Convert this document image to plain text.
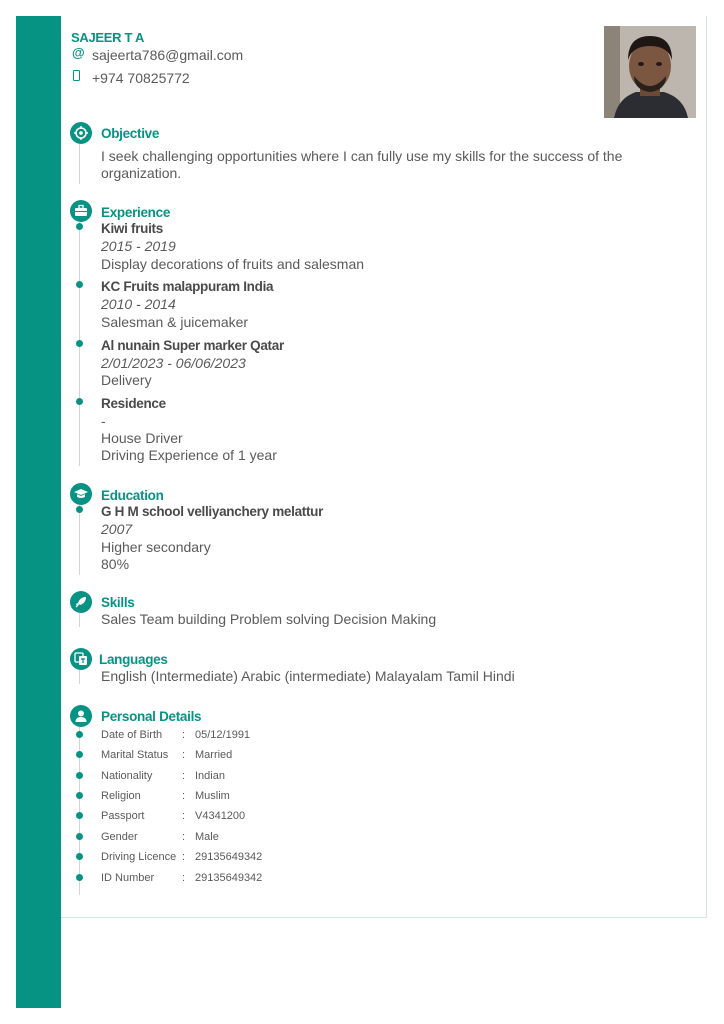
SAJEER T A
@ sajeerta786@gmail.com
+974 70825772
Objective
I seek challenging opportunities where I can fully use my skills for the success of the
organization.
Experience
Kiwi fruits
2015 - 2019
Display decorations of fruits and salesman
KC Fruits malappuram India
2010 - 2014
Salesman & juicemaker
Al nunain Super marker Qatar
2/01/2023 - 06/06/2023
Delivery
Residence
-
House Driver
Driving Experience of 1 year
Education
G H M school velliyanchery melattur
2007
Higher secondary
80%
Skills
Sales Team building Problem solving Decision Making
Languages
English (Intermediate) Arabic (intermediate) Malayalam Tamil Hindi
Personal Details
Date of Birth : 05/12/1991
Marital Status : Married
Nationality	: Indian
Religion	: Muslim
Passport	: V4341200
Gender	: Male
Driving Licence : 29135649342
ID Number	: 29135649342
